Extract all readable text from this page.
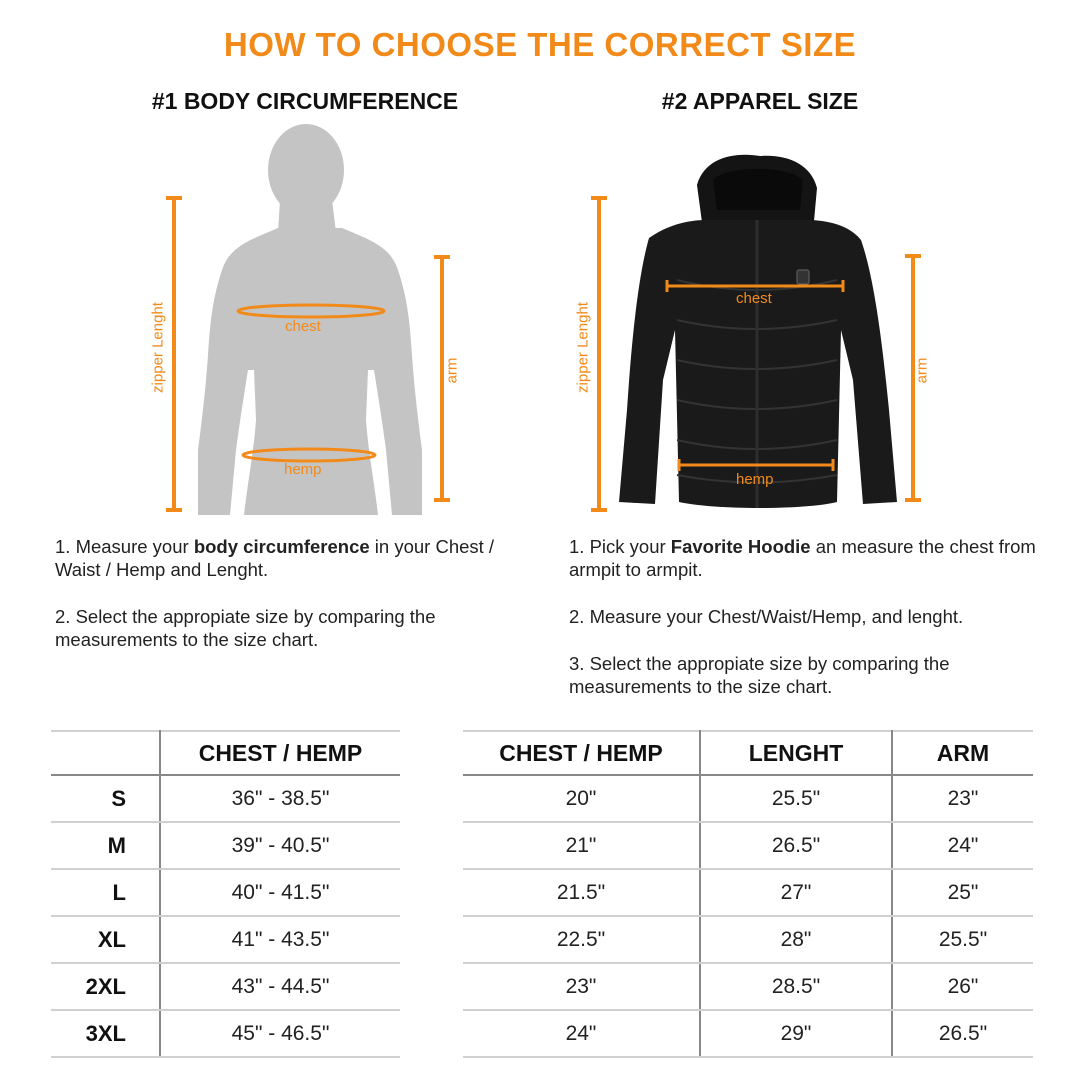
HOW TO CHOOSE THE CORRECT SIZE
#1 BODY CIRCUMFERENCE	#2 APPAREL SIZE
chest
hemp
zipper Lenght	arm
chest
hemp
zipper Lenght	arm

1. Measure your body circumference in your Chest / Waist / Hemp and Lenght.

2. Select the appropiate size by comparing the measurements to the size chart.

1. Pick your Favorite Hoodie an measure the chest from armpit to armpit.

2. Measure your Chest/Waist/Hemp, and lenght.

3. Select the appropiate size by comparing the measurements to the size chart.

	CHEST / HEMP
S	36" - 38.5"
M	39" - 40.5"
L	40" - 41.5"
XL	41" - 43.5"
2XL	43" - 44.5"
3XL	45" - 46.5"
CHEST / HEMP	LENGHT	ARM
20"	25.5"	23"
21"	26.5"	24"
21.5"	27"	25"
22.5"	28"	25.5"
23"	28.5"	26"
24"	29"	26.5"
